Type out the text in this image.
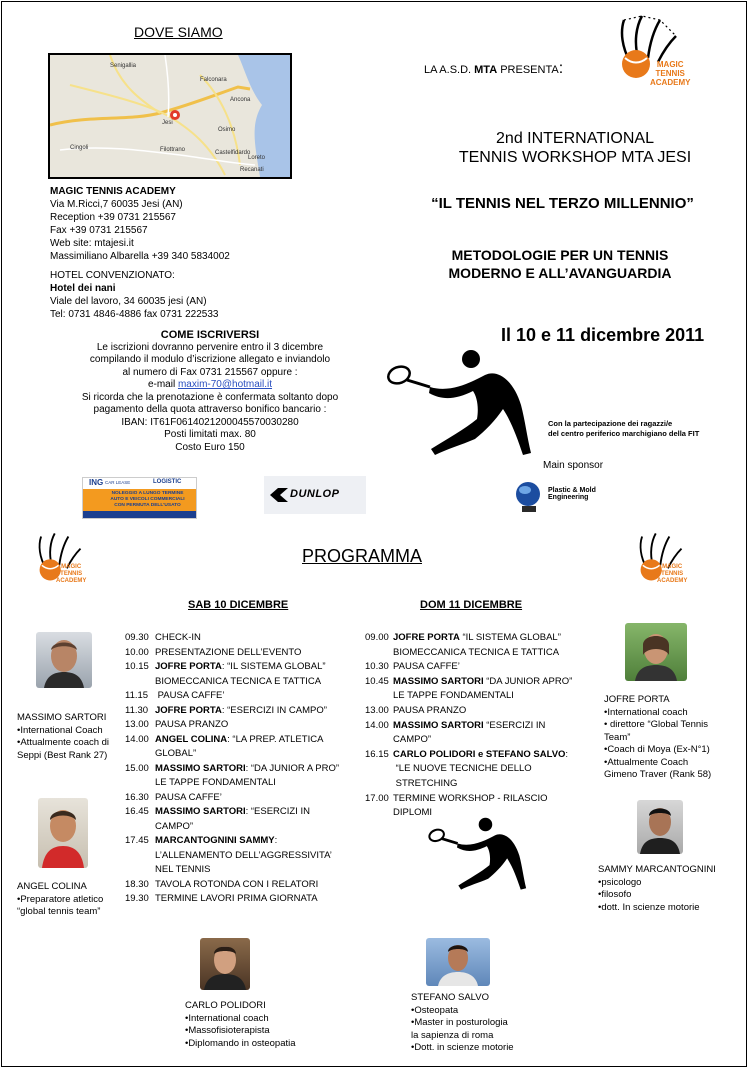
DOVE SIAMO
Falconara
Ancona
Jesi
Osimo
Castelfidardo
Loreto
Cingoli	Filottrano
Senigallia
Recanati
LA A.S.D. MTA PRESENTA:	MAGIC
TENNIS
ACADEMY
2nd INTERNATIONAL
TENNIS WORKSHOP MTA JESI
“IL TENNIS NEL TERZO MILLENNIO”
METODOLOGIE PER UN TENNIS
MODERNO E ALL’AVANGUARDIA
Il 10 e 11 dicembre 2011
MAGIC TENNIS ACADEMY
Via M.Ricci,7 60035 Jesi (AN)
Reception +39 0731 215567
Fax +39 0731 215567
Web site: mtajesi.it
Massimiliano Albarella +39 340 5834002
HOTEL CONVENZIONATO:
Hotel dei nani
Viale del lavoro, 34 60035 jesi (AN)
Tel: 0731 4846-4886 fax 0731 222533
COME ISCRIVERSI
Le iscrizioni dovranno pervenire entro il 3 dicembre
compilando il modulo d’iscrizione allegato e inviandolo
al numero di Fax 0731 215567 oppure :
e-mail maxim-70@hotmail.it
Si ricorda che la prenotazione è confermata soltanto dopo
pagamento della quota attraverso bonifico bancario :
IBAN: IT61F0614021200045570030280
Posti limitati max. 80
Costo Euro 150
Con la partecipazione dei ragazzi/e
del centro periferico marchigiano della FIT
Main sponsor
ING CAR LEASE	LOGISTIC
NOLEGGIO A LUNGO TERMINE
AUTO E VEICOLI COMMERCIALI
CON PERMUTA DELL'USATO
DUNLOP	Plastic & Mold Engineering
MAGIC
TENNIS
ACADEMY
MAGIC
TENNIS
ACADEMY
PROGRAMMA
SAB 10 DICEMBRE	DOM 11 DICEMBRE
09.30 CHECK-IN
10.00 PRESENTAZIONE DELL’EVENTO
10.15 JOFRE PORTA: “IL SISTEMA GLOBAL”
BIOMECCANICA TECNICA E TATTICA
11.15 PAUSA CAFFE’
11.30 JOFRE PORTA: “ESERCIZI IN CAMPO”
13.00 PAUSA PRANZO
14.00 ANGEL COLINA: “LA PREP. ATLETICA
GLOBAL”
15.00 MASSIMO SARTORI: “DA JUNIOR A PRO”
LE TAPPE FONDAMENTALI
16.30 PAUSA CAFFE’
16.45 MASSIMO SARTORI: “ESERCIZI IN
CAMPO”
17.45 MARCANTOGNINI SAMMY:
L’ALLENAMENTO DELL’AGGRESSIVITA’
NEL TENNIS
18.30 TAVOLA ROTONDA CON I RELATORI
19.30 TERMINE LAVORI PRIMA GIORNATA
09.00 JOFRE PORTA “IL SISTEMA GLOBAL”
BIOMECCANICA TECNICA E TATTICA
10.30 PAUSA CAFFE’
10.45 MASSIMO SARTORI “DA JUNIOR APRO”
LE TAPPE FONDAMENTALI
13.00 PAUSA PRANZO
14.00 MASSIMO SARTORI “ESERCIZI IN
CAMPO”
16.15 CARLO POLIDORI e STEFANO SALVO:
“LE NUOVE TECNICHE DELLO
STRETCHING
17.00 TERMINE WORKSHOP - RILASCIO
DIPLOMI
MASSIMO SARTORI
•International Coach
•Attualmente coach di
Seppi (Best Rank 27)
ANGEL COLINA
•Preparatore atletico
“global tennis team”
JOFRE PORTA
•International coach
• direttore “Global Tennis
Team”
•Coach di Moya (Ex-N°1)
•Attualmente Coach
Gimeno Traver (Rank 58)
SAMMY MARCANTOGNINI
•psicologo
•filosofo
•dott. In scienze motorie
CARLO POLIDORI
•International coach
•Massofisioterapista
•Diplomando in osteopatia
STEFANO SALVO
•Osteopata
•Master in posturologia
la sapienza di roma
•Dott. in scienze motorie
